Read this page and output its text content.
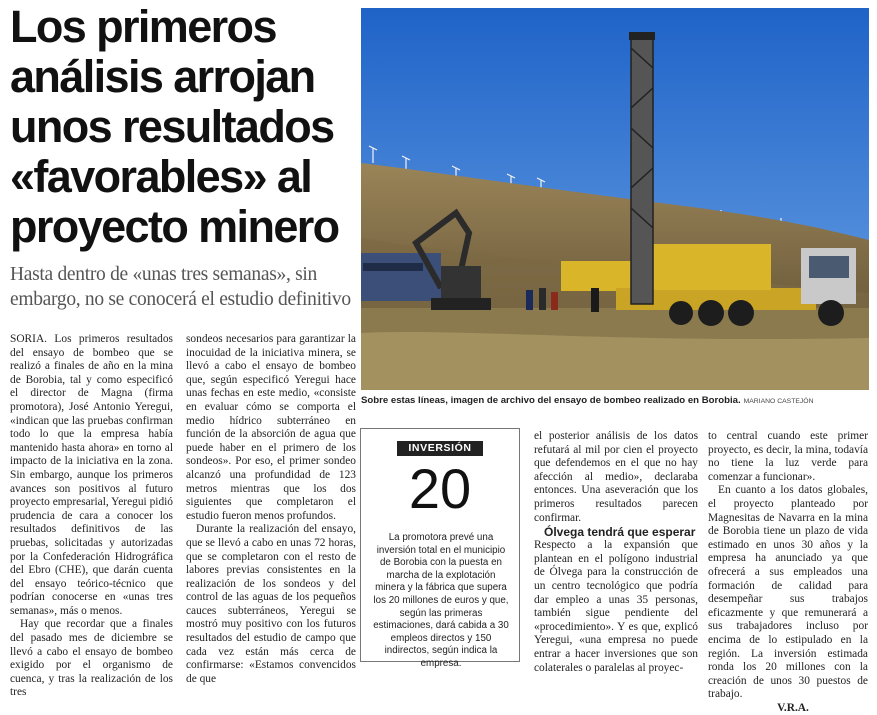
Los primeros análisis arrojan unos resultados «favorables» al proyecto minero

Hasta dentro de «unas tres semanas», sin embargo, no se conocerá el estudio definitivo

SORIA. Los primeros resultados del ensayo de bombeo que se realizó a finales de año en la mina de Borobia, tal y como especificó el director de Magna (firma promotora), José Antonio Yeregui, «indican que las pruebas confirman todo lo que la empresa había mantenido hasta ahora» en torno al impacto de la iniciativa en la zona. Sin embargo, aunque los primeros avances son positivos al futuro proyecto empresarial, Yeregui pidió prudencia de cara a conocer los resultados definitivos de las pruebas, solicitadas y autorizadas por la Confederación Hidrográfica del Ebro (CHE), que darán cuenta del ensayo teórico-técnico que podrían conocerse en «unas tres semanas», más o menos.

Hay que recordar que a finales del pasado mes de diciembre se llevó a cabo el ensayo de bombeo exigido por el organismo de cuenca, y tras la realización de los tres

sondeos necesarios para garantizar la inocuidad de la iniciativa minera, se llevó a cabo el ensayo de bombeo que, según especificó Yeregui hace unas fechas en este medio, «consiste en evaluar cómo se comporta el medio hídrico subterráneo en función de la absorción de agua que puede haber en el primero de los sondeos». Por eso, el primer sondeo alcanzó una profundidad de 123 metros mientras que los dos siguientes que completaron el estudio fueron menos profundos.

Durante la realización del ensayo, que se llevó a cabo en unas 72 horas, que se completaron con el resto de labores previas consistentes en la realización de los sondeos y del control de las aguas de los pequeños cauces subterráneos, Yeregui se mostró muy positivo con los futuros resultados del estudio de campo que cada vez están más cerca de confirmarse: «Estamos convencidos de que

Sobre estas líneas, imagen de archivo del ensayo de bombeo realizado en Borobia. MARIANO CASTEJÓN

INVERSIÓN
20

La promotora prevé una inversión total en el municipio de Borobia con la puesta en marcha de la explotación minera y la fábrica que supera los 20 millones de euros y que, según las primeras estimaciones, dará cabida a 30 empleos directos y 150 indirectos, según indica la empresa.

el posterior análisis de los datos refutará al mil por cien el proyecto que defendemos en el que no hay afección al medio», declaraba entonces. Una aseveración que los primeros resultados parecen confirmar.

Ólvega tendrá que esperar

Respecto a la expansión que plantean en el polígono industrial de Ólvega para la construcción de un centro tecnológico que podría dar empleo a unas 35 personas, también sigue pendiente del «procedimiento». Y es que, explicó Yeregui, «una empresa no puede entrar a hacer inversiones que son colaterales o paralelas al proyec-

to central cuando este primer proyecto, es decir, la mina, todavía no tiene la luz verde para comenzar a funcionar».

En cuanto a los datos globales, el proyecto planteado por Magnesitas de Navarra en la mina de Borobia tiene un plazo de vida estimado en unos 30 años y la empresa ha anunciado ya que ofrecerá a sus empleados una formación de calidad para desempeñar sus trabajos eficazmente y que remunerará a sus trabajadores incluso por encima de lo estipulado en la región. La inversión estimada ronda los 20 millones con la creación de unos 30 puestos de trabajo.

V.R.A.
